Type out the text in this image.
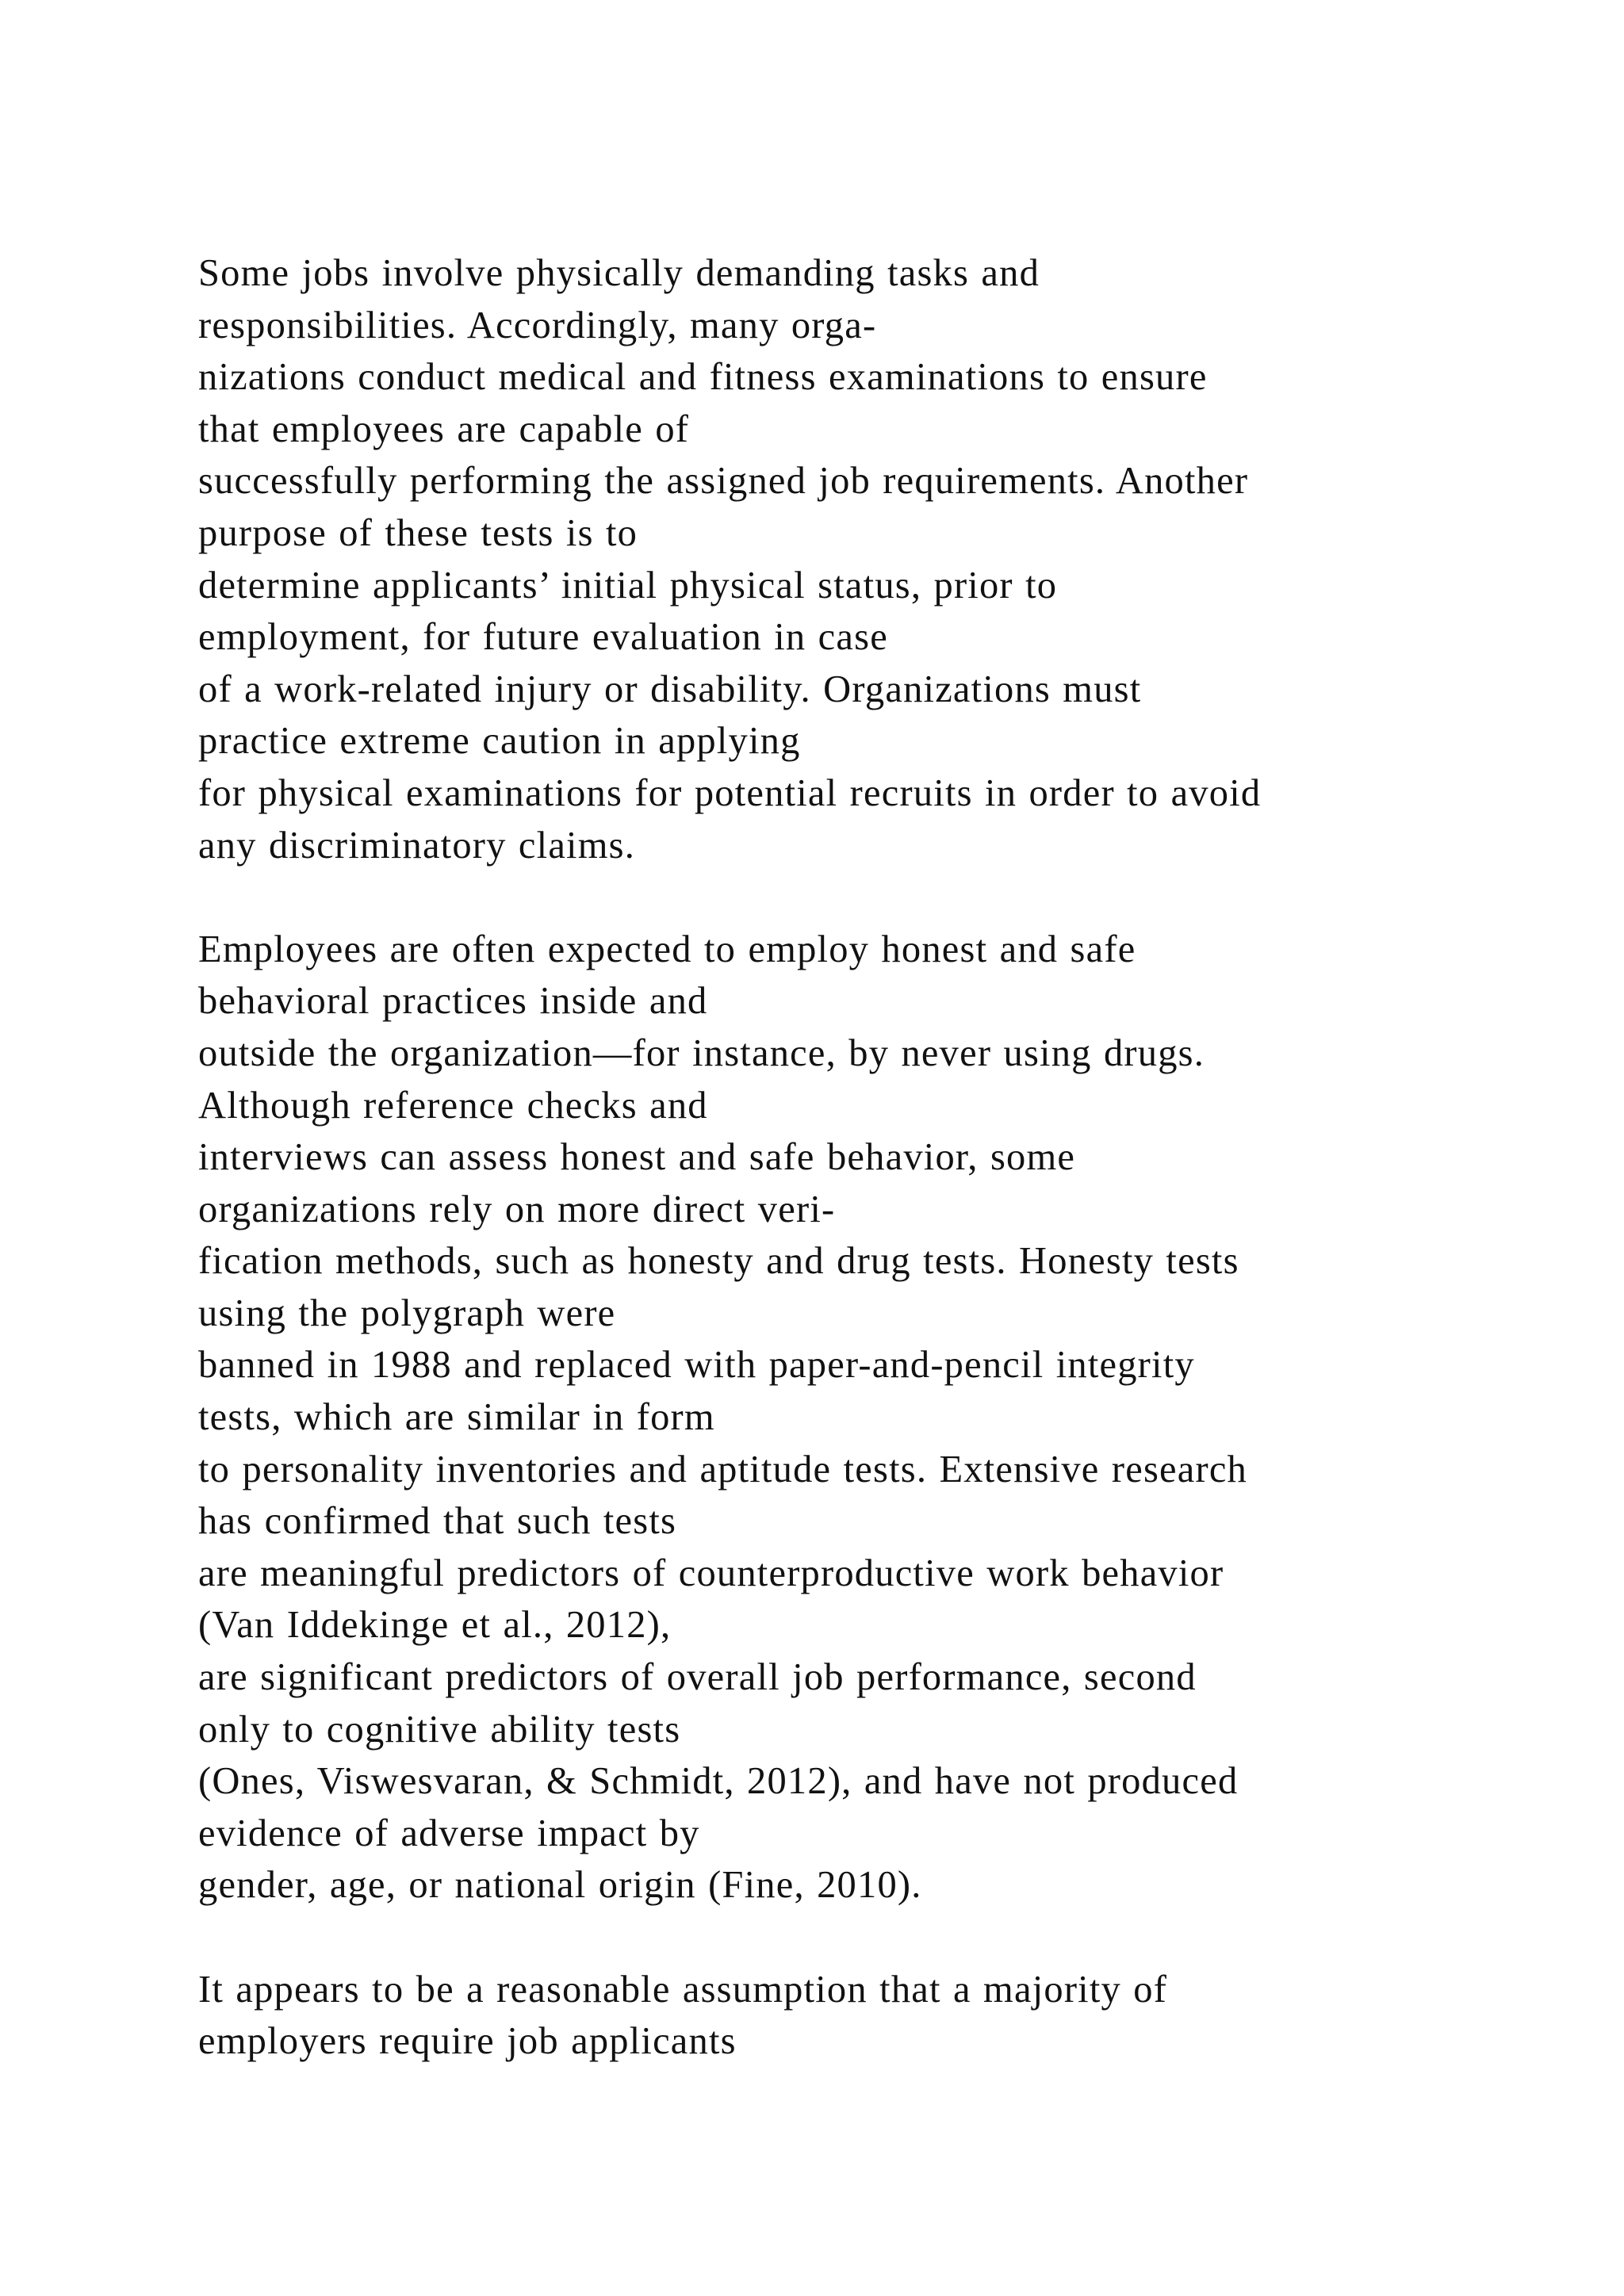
Some jobs involve physically demanding tasks and
responsibilities. Accordingly, many orga-
nizations conduct medical and fitness examinations to ensure
that employees are capable of
successfully performing the assigned job requirements. Another
purpose of these tests is to
determine applicants’ initial physical status, prior to
employment, for future evaluation in case
of a work-related injury or disability. Organizations must
practice extreme caution in applying
for physical examinations for potential recruits in order to avoid
any discriminatory claims.
Employees are often expected to employ honest and safe
behavioral practices inside and
outside the organization—for instance, by never using drugs.
Although reference checks and
interviews can assess honest and safe behavior, some
organizations rely on more direct veri-
fication methods, such as honesty and drug tests. Honesty tests
using the polygraph were
banned in 1988 and replaced with paper-and-pencil integrity
tests, which are similar in form
to personality inventories and aptitude tests. Extensive research
has confirmed that such tests
are meaningful predictors of counterproductive work behavior
(Van Iddekinge et al., 2012),
are significant predictors of overall job performance, second
only to cognitive ability tests
(Ones, Viswesvaran, & Schmidt, 2012), and have not produced
evidence of adverse impact by
gender, age, or national origin (Fine, 2010).
It appears to be a reasonable assumption that a majority of
employers require job applicants
